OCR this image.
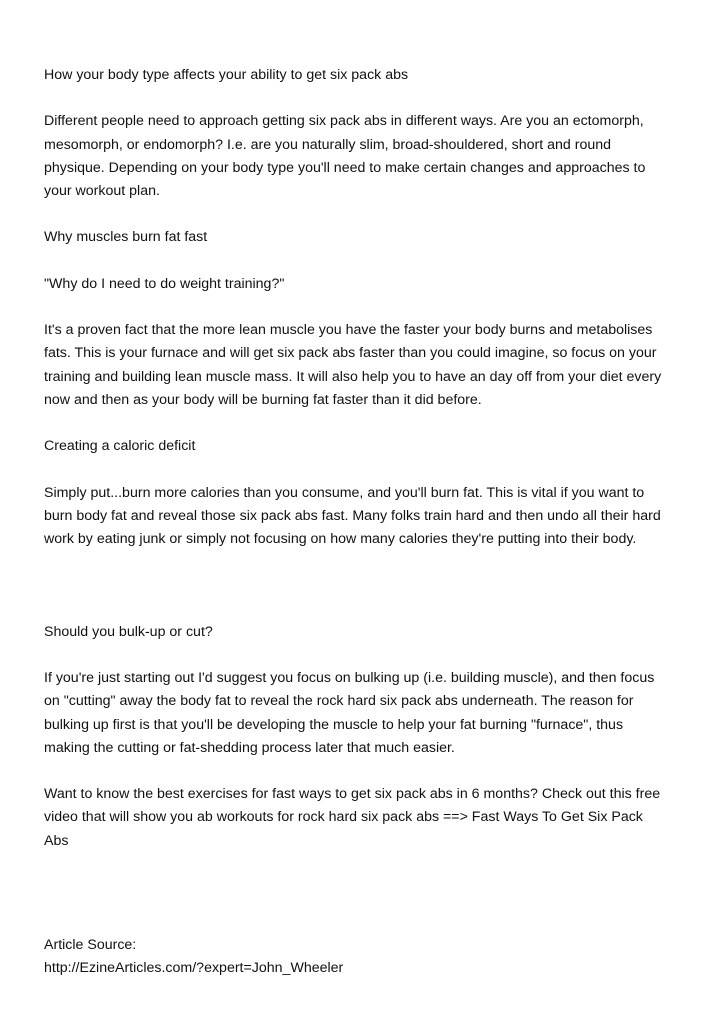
How your body type affects your ability to get six pack abs

Different people need to approach getting six pack abs in different ways. Are you an ectomorph,
mesomorph, or endomorph? I.e. are you naturally slim, broad-shouldered, short and round
physique. Depending on your body type you'll need to make certain changes and approaches to
your workout plan.

Why muscles burn fat fast

"Why do I need to do weight training?"

It's a proven fact that the more lean muscle you have the faster your body burns and metabolises
fats. This is your furnace and will get six pack abs faster than you could imagine, so focus on your
training and building lean muscle mass. It will also help you to have an day off from your diet every
now and then as your body will be burning fat faster than it did before.

Creating a caloric deficit

Simply put...burn more calories than you consume, and you'll burn fat. This is vital if you want to
burn body fat and reveal those six pack abs fast. Many folks train hard and then undo all their hard
work by eating junk or simply not focusing on how many calories they're putting into their body.

Should you bulk-up or cut?

If you're just starting out I'd suggest you focus on bulking up (i.e. building muscle), and then focus
on "cutting" away the body fat to reveal the rock hard six pack abs underneath. The reason for
bulking up first is that you'll be developing the muscle to help your fat burning "furnace", thus
making the cutting or fat-shedding process later that much easier.

Want to know the best exercises for fast ways to get six pack abs in 6 months? Check out this free
video that will show you ab workouts for rock hard six pack abs ==> Fast Ways To Get Six Pack
Abs

Article Source:

http://EzineArticles.com/?expert=John_Wheeler
